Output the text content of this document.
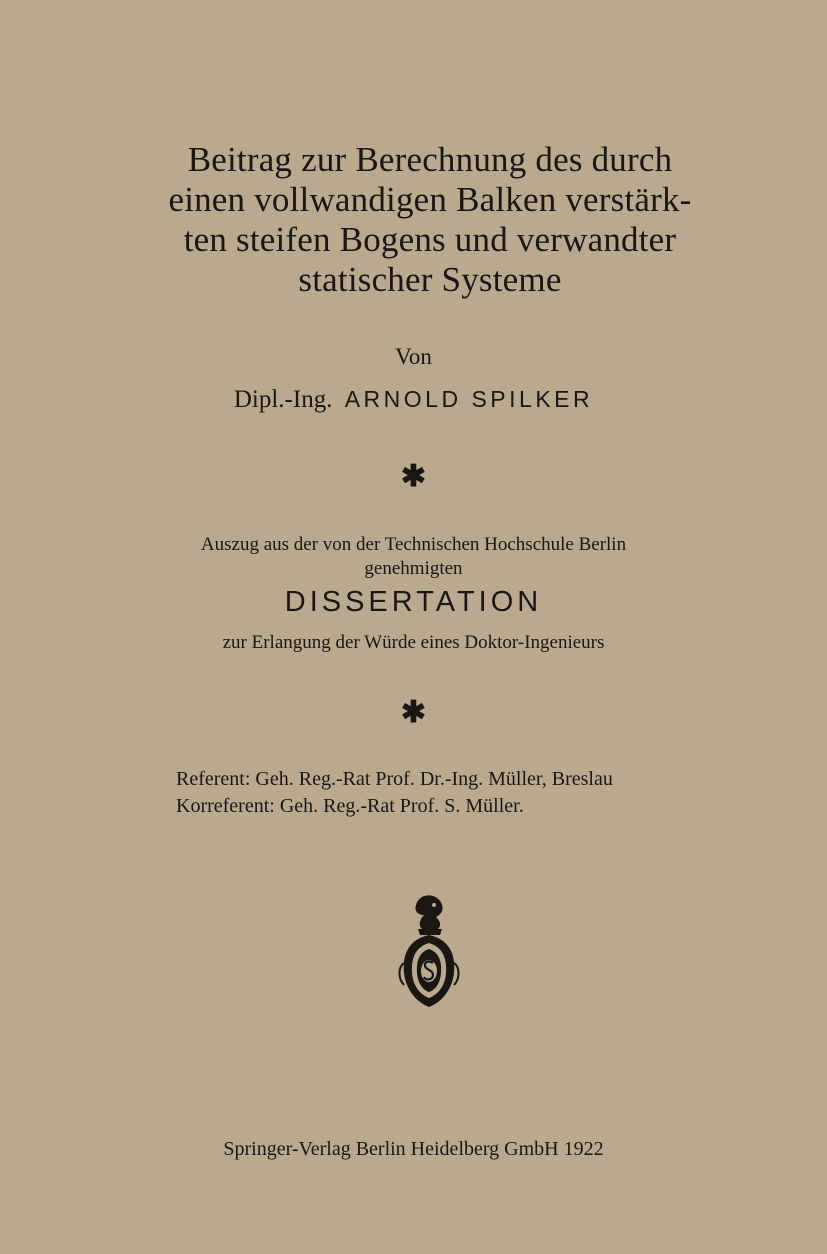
Beitrag zur Berechnung des durch
einen vollwandigen Balken verstärk-
ten steifen Bogens und verwandter
statischer Systeme
Von
Dipl.-Ing. ARNOLD SPILKER
✱
Auszug aus der von der Technischen Hochschule Berlin
genehmigten
DISSERTATION
zur Erlangung der Würde eines Doktor-Ingenieurs
✱
Referent: Geh. Reg.-Rat Prof. Dr.-Ing. Müller, Breslau
Korreferent: Geh. Reg.-Rat Prof. S. Müller.
Springer-Verlag Berlin Heidelberg GmbH 1922
